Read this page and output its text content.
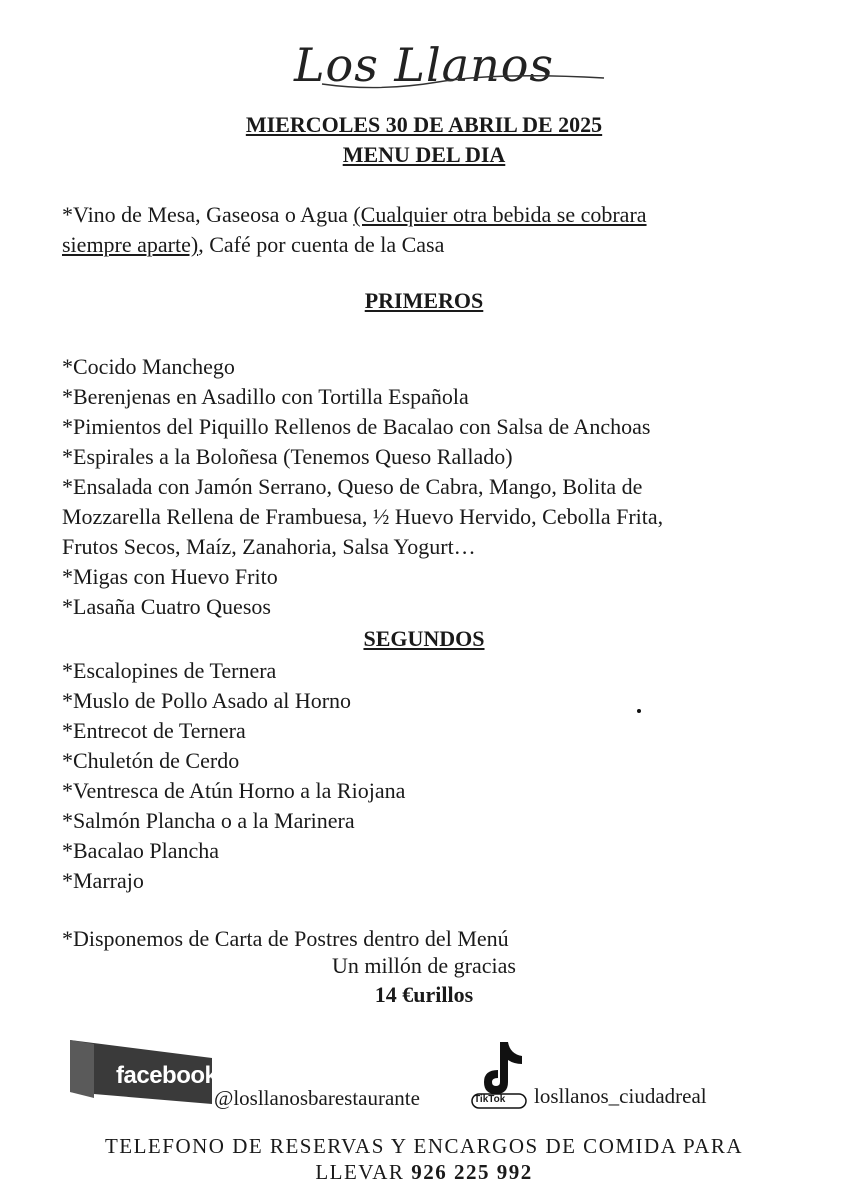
Los Llanos
MIERCOLES 30 DE ABRIL DE 2025
MENU DEL DIA
*Vino de Mesa, Gaseosa o Agua (Cualquier otra bebida se cobrara
siempre aparte), Café por cuenta de la Casa
PRIMEROS
*Cocido Manchego
*Berenjenas en Asadillo con Tortilla Española
*Pimientos del Piquillo Rellenos de Bacalao con Salsa de Anchoas
*Espirales a la Boloñesa (Tenemos Queso Rallado)
*Ensalada con Jamón Serrano, Queso de Cabra, Mango, Bolita de
Mozzarella Rellena de Frambuesa, ½ Huevo Hervido, Cebolla Frita,
Frutos Secos, Maíz, Zanahoria, Salsa Yogurt…
*Migas con Huevo Frito
*Lasaña Cuatro Quesos
SEGUNDOS
*Escalopines de Ternera
*Muslo de Pollo Asado al Horno
*Entrecot de Ternera
*Chuletón de Cerdo
*Ventresca de Atún Horno a la Riojana
*Salmón Plancha o a la Marinera
*Bacalao Plancha
*Marrajo
*Disponemos de Carta de Postres dentro del Menú
Un millón de gracias
14 €urillos
facebook
@losllanosbarestaurante	TikTok losllanos_ciudadreal
TELEFONO DE RESERVAS Y ENCARGOS DE COMIDA PARA
LLEVAR 926 225 992
